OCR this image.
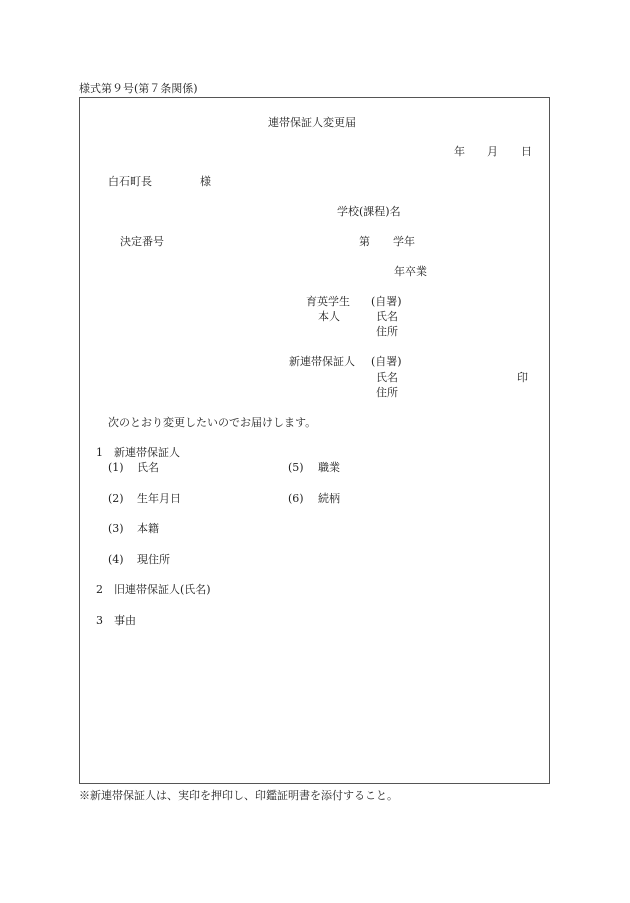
様式第９号(第７条関係)
連帯保証人変更届
年 月 日
白石町長	様
学校(課程)名
決定番号	第 学年
年卒業
育英学生 (自署)
本人	氏名
住所
新連帯保証人 (自署)
氏名	印
住所
次のとおり変更したいのでお届けします。
1 新連帯保証人
(1) 氏名	(5) 職業
(2) 生年月日	(6) 続柄
(3) 本籍
(4) 現住所
2 旧連帯保証人(氏名)
3 事由
※新連帯保証人は、実印を押印し、印鑑証明書を添付すること。
